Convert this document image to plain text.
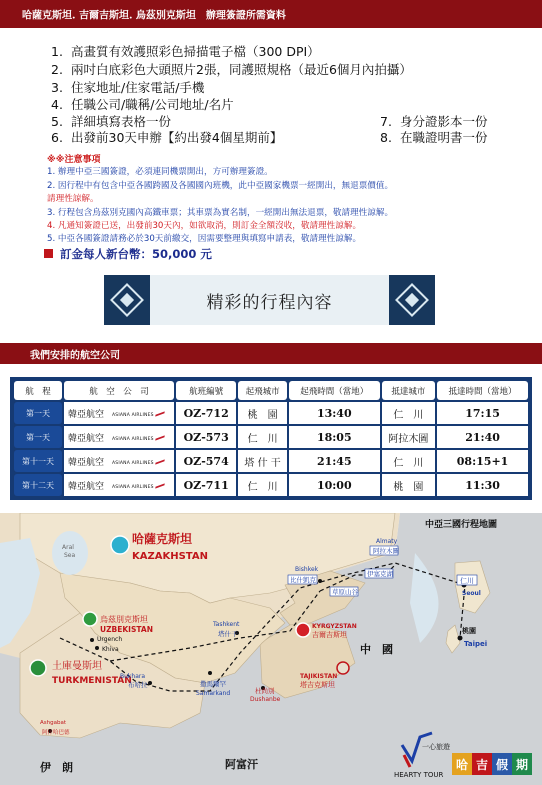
哈薩克斯坦. 吉爾吉斯坦. 烏茲別克斯坦　辦理簽證所需資料
1. 高畫質有效護照彩色掃描電子檔（300 DPI）
2. 兩吋白底彩色大頭照片2張，同護照規格（最近6個月內拍攝）
3. 住家地址/住家電話/手機
4. 任職公司/職稱/公司地址/名片
5. 詳細填寫表格一份
6. 出發前30天申辦【約出發4個星期前】
7. 身分證影本一份
8. 在職證明書一份
※※注意事項
1. 辦理中亞三國簽證，必須連同機票開出，方可辦理簽證。
2. 因行程中有包含中亞各國跨國及各國國內班機，此中亞國家機票一經開出，無退票價值。
請理性諒解。
3. 行程包含烏茲別克國內高鐵車票；其車票為實名制，一經開出無法退票，敬請理性諒解。
4. 凡通知簽證已送，出發前30天內，如欲取消，則訂金全額沒收，敬請理性諒解。
5. 中亞各國簽證請務必於30天前繳交，因需要整理與填寫申請表，敬請理性諒解。
訂金每人新台幣：50,000 元
精彩的行程內容
我們安排的航空公司
航　程	航　空　公　司	航班編號	起飛城市	起飛時間（當地）	抵達城市	抵達時間（當地）
第一天	韓亞航空 ASIANA AIRLINES	OZ-712	桃　園	13:40	仁　川	17:15
第一天	韓亞航空 ASIANA AIRLINES	OZ-573	仁　川	18:05	阿拉木圖	21:40
第十一天	韓亞航空 ASIANA AIRLINES	OZ-574	塔 什 干	21:45	仁　川	08:15+1
第十二天	韓亞航空 ASIANA AIRLINES	OZ-711	仁　川	10:00	桃　園	11:30
Aral
Sea
哈薩克斯坦
KAZAKHSTAN
烏茲別克斯坦
UZBEKISTAN
土庫曼斯坦
TURKMENISTAN
KYRGYZSTAN
吉爾吉斯坦
TAJIKISTAN
塔吉克斯坦
Almaty
阿拉木圖
Bishkek
比什凱克
伊塞克湖
草原山谷
Tashkent
塔什干
Urgench
Khiva
Bukhara
布哈拉	撒馬爾罕
Samarkand	杜尚別
Dushanbe
Ashgabat
阿什哈巴德
仁川
Seoul
桃園
Taipei
中　國
伊　朗	阿富汗
一心旅遊
HEARTY TOUR
哈 吉 假 期
中亞三國行程地圖
